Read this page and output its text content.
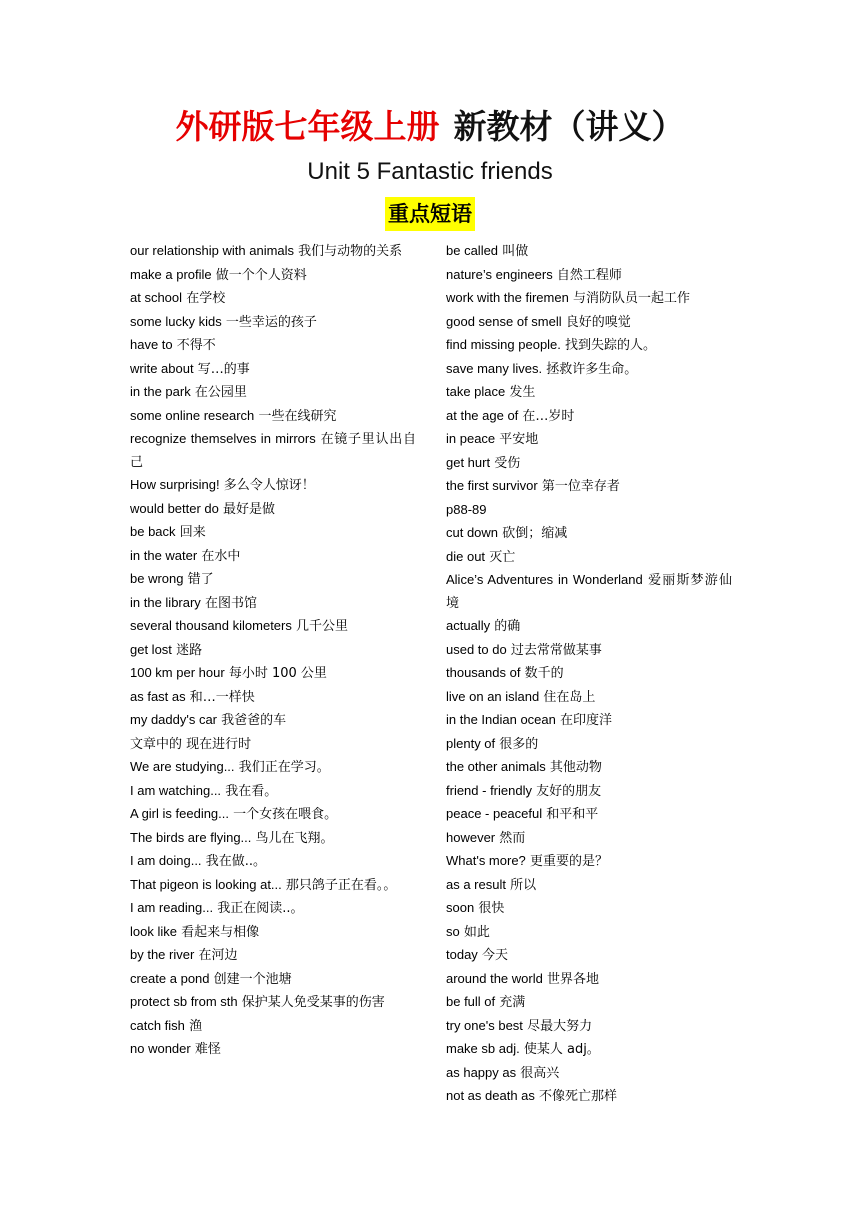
外研版七年级上册 新教材（讲义）
Unit 5 Fantastic friends
重点短语
our relationship with animals 我们与动物的关系
make a profile 做一个个人资料
at school 在学校
some lucky kids 一些幸运的孩子
have to 不得不
write about 写…的事
in the park 在公园里
some online research 一些在线研究
recognize themselves in mirrors 在镜子里认出自己
How surprising! 多么令人惊讶！
would better do 最好是做
be back 回来
in the water 在水中
be wrong 错了
in the library 在图书馆
several thousand kilometers 几千公里
get lost 迷路
100 km per hour 每小时 100 公里
as fast as 和…一样快
my daddy's car 我爸爸的车
文章中的 现在进行时
We are studying... 我们正在学习。
I am watching... 我在看。
A girl is feeding... 一个女孩在喂食。
The birds are flying... 鸟儿在飞翔。
I am doing... 我在做..。
That pigeon is looking at... 那只鸽子正在看。。
I am reading... 我正在阅读..。
look like 看起来与相像
by the river 在河边
create a pond 创建一个池塘
protect sb from sth 保护某人免受某事的伤害
catch fish 渔
no wonder 难怪
be called 叫做
nature’s engineers 自然工程师
work with the firemen 与消防队员一起工作
good sense of smell 良好的嗅觉
find missing people. 找到失踪的人。
save many lives. 拯救许多生命。
take place 发生
at the age of 在…岁时
in peace 平安地
get hurt 受伤
the first survivor 第一位幸存者
p88-89
cut down 砍倒；缩减
die out 灭亡
Alice’s Adventures in Wonderland 爱丽斯梦游仙境
actually 的确
used to do 过去常常做某事
thousands of 数千的
live on an island 住在岛上
in the Indian ocean 在印度洋
plenty of 很多的
the other animals 其他动物
friend - friendly 友好的朋友
peace - peaceful 和平和平
however 然而
What's more? 更重要的是？
as a result 所以
soon 很快
so 如此
today 今天
around the world 世界各地
be full of 充满
try one's best 尽最大努力
make sb adj. 使某人 adj。
as happy as 很高兴
not as death as 不像死亡那样
